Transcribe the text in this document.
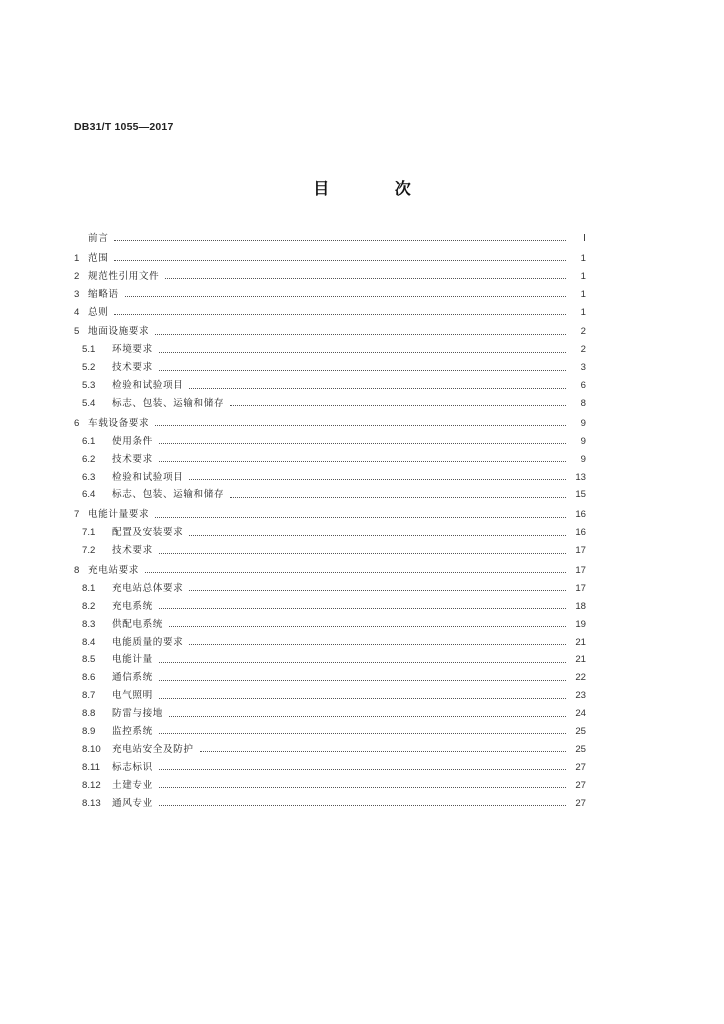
DB31/T 1055—2017
目 次
前言	Ⅰ
1 范围	1
2 规范性引用文件	1
3 缩略语	1
4 总则	1
5 地面设施要求	2
5.1	环境要求	2
5.2	技术要求	3
5.3	检验和试验项目	6
5.4	标志、包装、运输和储存	8
6 车载设备要求	9
6.1	使用条件	9
6.2	技术要求	9
6.3	检验和试验项目	13
6.4	标志、包装、运输和储存	15
7 电能计量要求	16
7.1	配置及安装要求	16
7.2	技术要求	17
8 充电站要求	17
8.1	充电站总体要求	17
8.2	充电系统	18
8.3	供配电系统	19
8.4	电能质量的要求	21
8.5	电能计量	21
8.6	通信系统	22
8.7	电气照明	23
8.8	防雷与接地	24
8.9	监控系统	25
8.10	充电站安全及防护	25
8.11	标志标识	27
8.12	土建专业	27
8.13	通风专业	27
